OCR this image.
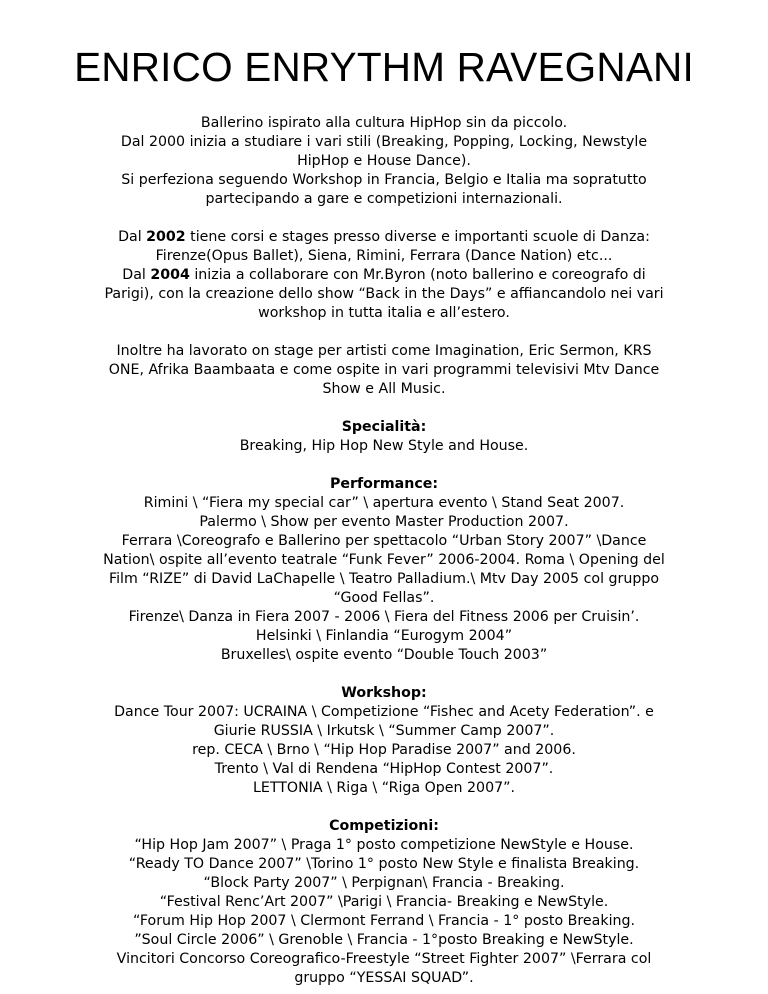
ENRICO ENRYTHM RAVEGNANI
Ballerino ispirato alla cultura HipHop sin da piccolo.
Dal 2000 inizia a studiare i vari stili (Breaking, Popping, Locking, Newstyle
HipHop e House Dance).
Si perfeziona seguendo Workshop in Francia, Belgio e Italia ma sopratutto
partecipando a gare e competizioni internazionali.
Dal 2002 tiene corsi e stages presso diverse e importanti scuole di Danza:
Firenze(Opus Ballet), Siena, Rimini, Ferrara (Dance Nation) etc...
Dal 2004 inizia a collaborare con Mr.Byron (noto ballerino e coreografo di
Parigi), con la creazione dello show “Back in the Days” e affiancandolo nei vari
workshop in tutta italia e all’estero.
Inoltre ha lavorato on stage per artisti come Imagination, Eric Sermon, KRS
ONE, Afrika Baambaata e come ospite in vari programmi televisivi Mtv Dance
Show e All Music.
Specialità:
Breaking, Hip Hop New Style and House.
Performance:
Rimini \ “Fiera my special car” \ apertura evento \ Stand Seat 2007.
Palermo \ Show per evento Master Production 2007.
Ferrara \Coreografo e Ballerino per spettacolo “Urban Story 2007” \Dance
Nation\ ospite all’evento teatrale “Funk Fever” 2006-2004. Roma \ Opening del
Film “RIZE” di David LaChapelle \ Teatro Palladium.\ Mtv Day 2005 col gruppo
“Good Fellas”.
Firenze\ Danza in Fiera 2007 - 2006 \ Fiera del Fitness 2006 per Cruisin’.
Helsinki \ Finlandia “Eurogym 2004”
Bruxelles\ ospite evento “Double Touch 2003”
Workshop:
Dance Tour 2007: UCRAINA \ Competizione “Fishec and Acety Federation”. e
Giurie RUSSIA \ Irkutsk \ “Summer Camp 2007”.
rep. CECA \ Brno \ “Hip Hop Paradise 2007” and 2006.
Trento \ Val di Rendena “HipHop Contest 2007”.
LETTONIA \ Riga \ “Riga Open 2007”.
Competizioni:
“Hip Hop Jam 2007” \ Praga 1° posto competizione NewStyle e House.
“Ready TO Dance 2007” \Torino 1° posto New Style e finalista Breaking.
“Block Party 2007” \ Perpignan\ Francia - Breaking.
“Festival Renc’Art 2007” \Parigi \ Francia- Breaking e NewStyle.
“Forum Hip Hop 2007 \ Clermont Ferrand \ Francia - 1° posto Breaking.
”Soul Circle 2006” \ Grenoble \ Francia - 1°posto Breaking e NewStyle.
Vincitori Concorso Coreografico-Freestyle “Street Fighter 2007” \Ferrara col
gruppo “YESSAI SQUAD”.
